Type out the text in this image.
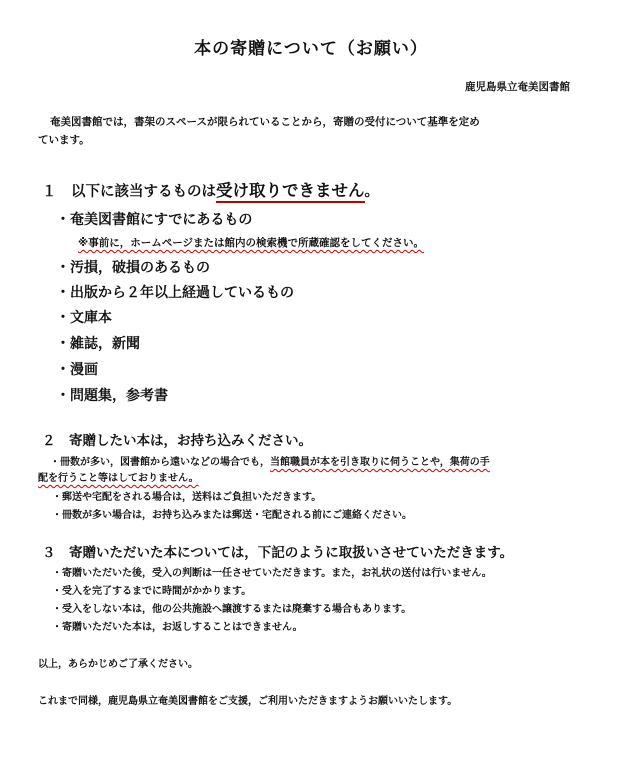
本の寄贈について（お願い）
鹿児島県立奄美図書館
奄美図書館では，書架のスペースが限られていることから，寄贈の受付について基準を定め
ています。
１　以下に該当するものは受け取りできません。
・奄美図書館にすでにあるもの
※事前に，ホームページまたは館内の検索機で所蔵確認をしてください。
・汚損，破損のあるもの
・出版から２年以上経過しているもの
・文庫本
・雑誌，新聞
・漫画
・問題集，参考書
２　寄贈したい本は，お持ち込みください。
・冊数が多い，図書館から遠いなどの場合でも，当館職員が本を引き取りに伺うことや，集荷の手
配を行うこと等はしておりません。
・郵送や宅配をされる場合は，送料はご負担いただきます。
・冊数が多い場合は，お持ち込みまたは郵送・宅配される前にご連絡ください。
３　寄贈いただいた本については，下記のように取扱いさせていただきます。
・寄贈いただいた後，受入の判断は一任させていただきます。また，お礼状の送付は行いません。
・受入を完了するまでに時間がかかります。
・受入をしない本は，他の公共施設へ譲渡するまたは廃棄する場合もあります。
・寄贈いただいた本は，お返しすることはできません。
以上，あらかじめご了承ください。
これまで同様，鹿児島県立奄美図書館をご支援，ご利用いただきますようお願いいたします。
